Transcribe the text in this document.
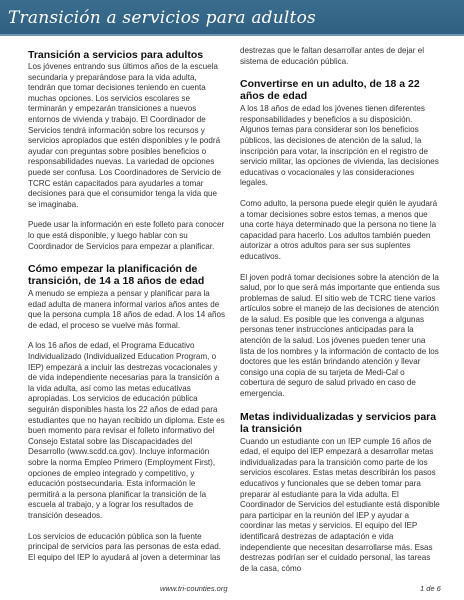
Transición a servicios para adultos
Transición a servicios para adultos

Los jóvenes entrando sus últimos años de la escuela secundaria y preparándose para la vida adulta, tendrán que tomar decisiones teniendo en cuenta muchas opciones. Los servicios escolares se terminarán y empezarán transiciones a nuevos entornos de vivienda y trabajo. El Coordinador de Servicios tendrá información sobre los recursos y servicios apropiados que estén disponibles y le podrá ayudar con preguntas sobre posibles beneficios o responsabilidades nuevas. La variedad de opciones puede ser confusa. Los Coordinadores de Servicio de TCRC están capacitados para ayudarles a tomar decisiones para que el consumidor tenga la vida que se imaginaba.

Puede usar la información en este folleto para conocer lo que está disponible, y luego hablar con su Coordinador de Servicios para empezar a planificar.

Cómo empezar la planificación de transición, de 14 a 18 años de edad

A menudo se empieza a pensar y planificar para la edad adulta de manera informal varios años antes de que la persona cumpla 18 años de edad. A los 14 años de edad, el proceso se vuelve más formal.

A los 16 años de edad, el Programa Educativo Individualizado (Individualized Education Program, o IEP) empezará a incluir las destrezas vocacionales y de vida independiente necesarias para la transición a la vida adulta, así como las metas educativas apropiadas. Los servicios de educación pública seguirán disponibles hasta los 22 años de edad para estudiantes que no hayan recibido un diploma. Este es buen momento para revisar el folleto informativo del Consejo Estatal sobre las Discapacidades del Desarrollo (www.scdd.ca.gov). Incluye información sobre la norma Empleo Primero (Employment First), opciones de empleo integrado y competitivo, y educación postsecundaria. Esta información le permitirá a la persona planificar la transición de la escuela al trabajo, y a lograr los resultados de transición deseados.

Los servicios de educación pública son la fuente principal de servicios para las personas de esta edad. El equipo del IEP lo ayudará al joven a determinar las

destrezas que le faltan desarrollar antes de dejar el sistema de educación pública.

Convertirse en un adulto, de 18 a 22 años de edad

A los 18 años de edad los jóvenes tienen diferentes responsabilidades y beneficios a su disposición. Algunos temas para considerar son los beneficios públicos, las decisiones de atención de la salud, la inscripción para votar, la inscripción en el registro de servicio militar, las opciones de vivienda, las decisiones educativas o vocacionales y las consideraciones legales.

Como adulto, la persona puede elegir quién le ayudará a tomar decisiones sobre estos temas, a menos que una corte haya determinado que la persona no tiene la capacidad para hacerlo. Los adultos también pueden autorizar a otros adultos para ser sus suplentes educativos.

El joven podrá tomar decisiones sobre la atención de la salud, por lo que será más importante que entienda sus problemas de salud. El sitio web de TCRC tiene varios artículos sobre el manejo de las decisiones de atención de la salud. Es posible que les convenga a algunas personas tener instrucciones anticipadas para la atención de la salud. Los jóvenes pueden tener una lista de los nombres y la información de contacto de los doctores que les están brindando atención y llevar consigo una copia de su tarjeta de Medi-Cal o cobertura de seguro de salud privado en caso de emergencia.

Metas individualizadas y servicios para la transición

Cuando un estudiante con un IEP cumple 16 años de edad, el equipo del IEP empezará a desarrollar metas individualizadas para la transición como parte de los servicios escolares. Estas metas describirán los pasos educativos y funcionales que se deben tomar para preparar al estudiante para la vida adulta. El Coordinador de Servicios del estudiante está disponible para participar en la reunión del IEP y ayudar a coordinar las metas y servicios. El equipo del IEP identificará destrezas de adaptación e vida independiente que necesitan desarrollarse más. Esas destrezas podrían ser el cuidado personal, las tareas de la casa, cómo

www.tri-counties.org	1 de 6
